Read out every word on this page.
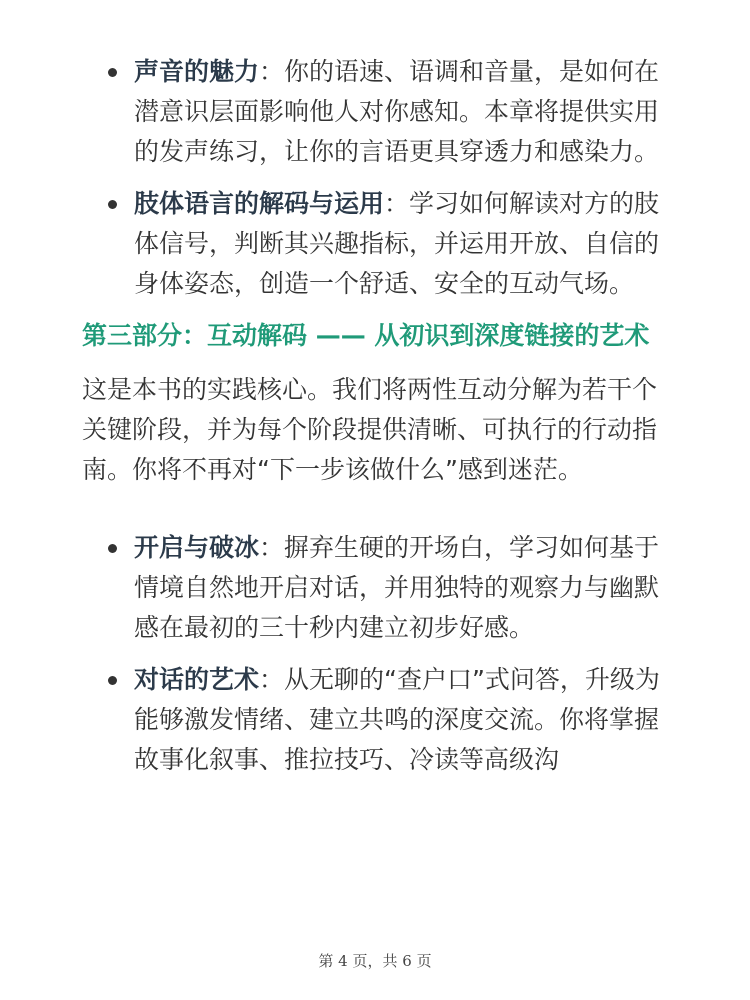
声音的魅力：你的语速、语调和音量，是如何在潜意识层面影响他人对你感知。本章将提供实用的发声练习，让你的言语更具穿透力和感染力。
肢体语言的解码与运用：学习如何解读对方的肢体信号，判断其兴趣指标，并运用开放、自信的身体姿态，创造一个舒适、安全的互动气场。
第三部分：互动解码 —— 从初识到深度链接的艺术

这是本书的实践核心。我们将两性互动分解为若干个关键阶段，并为每个阶段提供清晰、可执行的行动指南。你将不再对“下一步该做什么”感到迷茫。

开启与破冰：摒弃生硬的开场白，学习如何基于情境自然地开启对话，并用独特的观察力与幽默感在最初的三十秒内建立初步好感。
对话的艺术：从无聊的“查户口”式问答，升级为能够激发情绪、建立共鸣的深度交流。你将掌握故事化叙事、推拉技巧、冷读等高级沟
第 4 页，共 6 页
